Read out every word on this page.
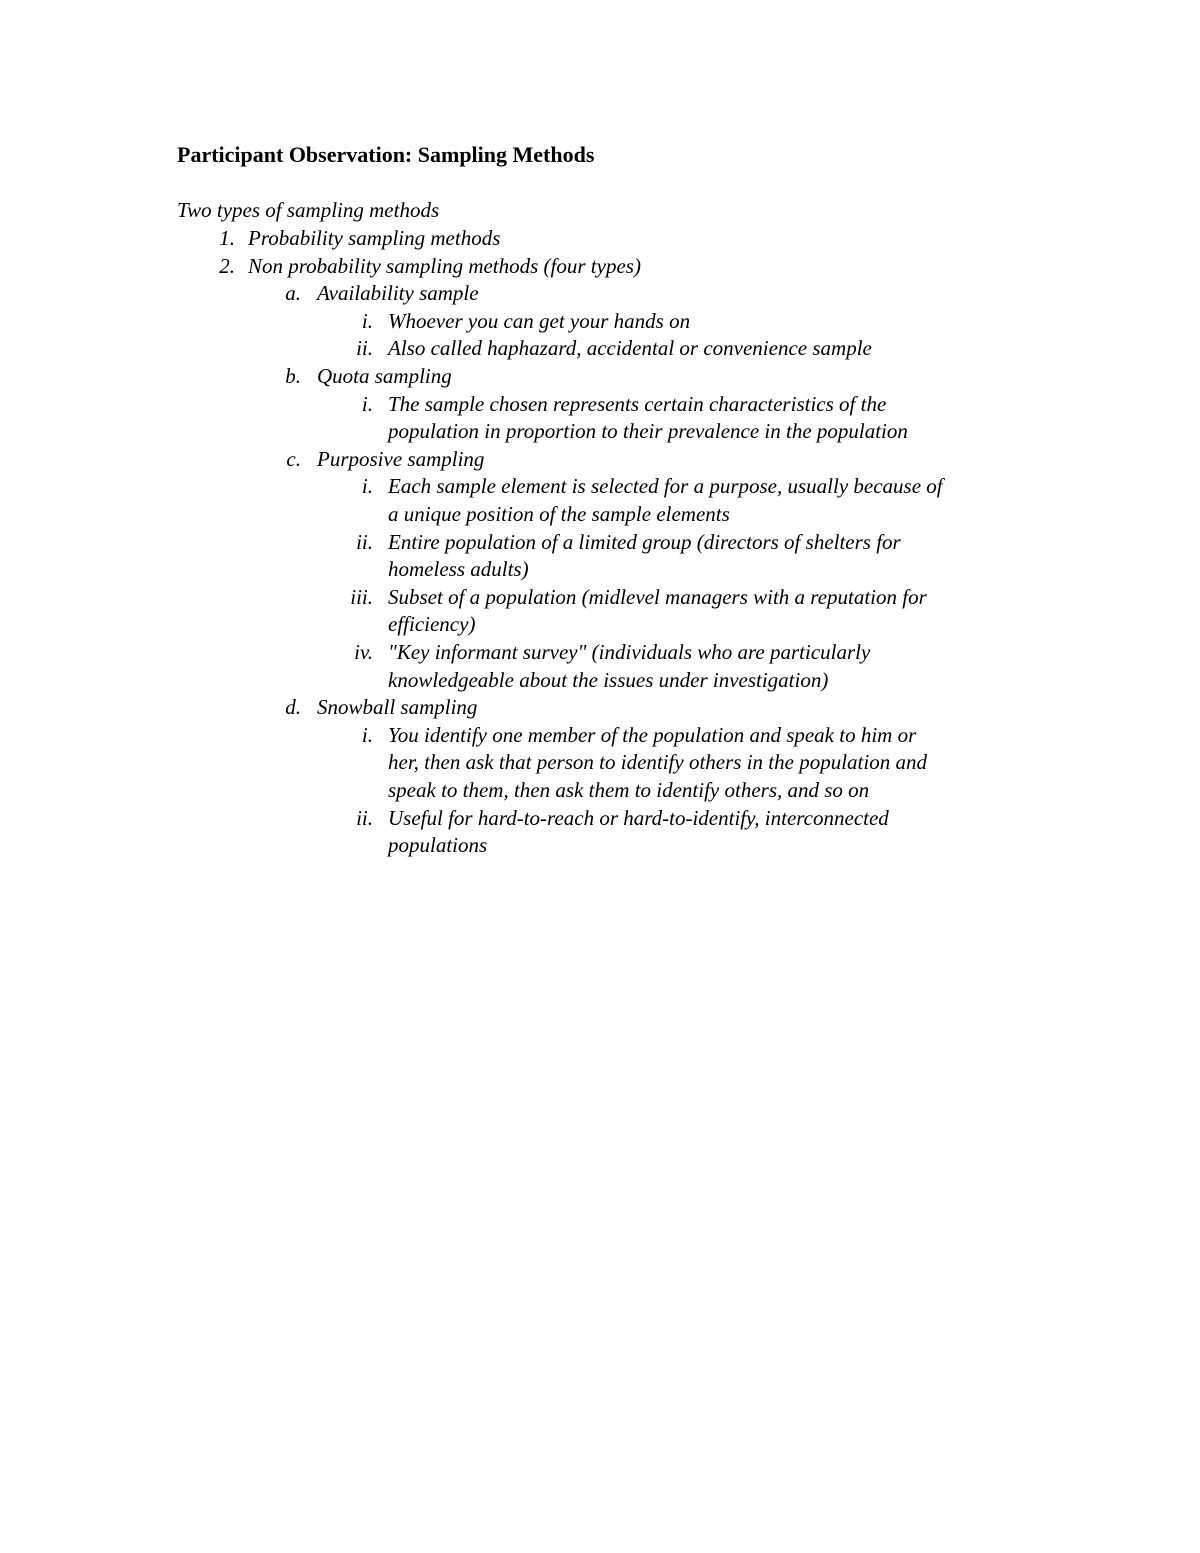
Participant Observation: Sampling Methods
Two types of sampling methods
1. Probability sampling methods
2. Non probability sampling methods (four types)
a. Availability sample
i. Whoever you can get your hands on
ii. Also called haphazard, accidental or convenience sample
b. Quota sampling
i. The sample chosen represents certain characteristics of the
population in proportion to their prevalence in the population
c. Purposive sampling
i. Each sample element is selected for a purpose, usually because of
a unique position of the sample elements
ii. Entire population of a limited group (directors of shelters for
homeless adults)
iii. Subset of a population (midlevel managers with a reputation for
efficiency)
iv. "Key informant survey" (individuals who are particularly
knowledgeable about the issues under investigation)
d. Snowball sampling
i. You identify one member of the population and speak to him or
her, then ask that person to identify others in the population and
speak to them, then ask them to identify others, and so on
ii. Useful for hard-to-reach or hard-to-identify, interconnected
populations
